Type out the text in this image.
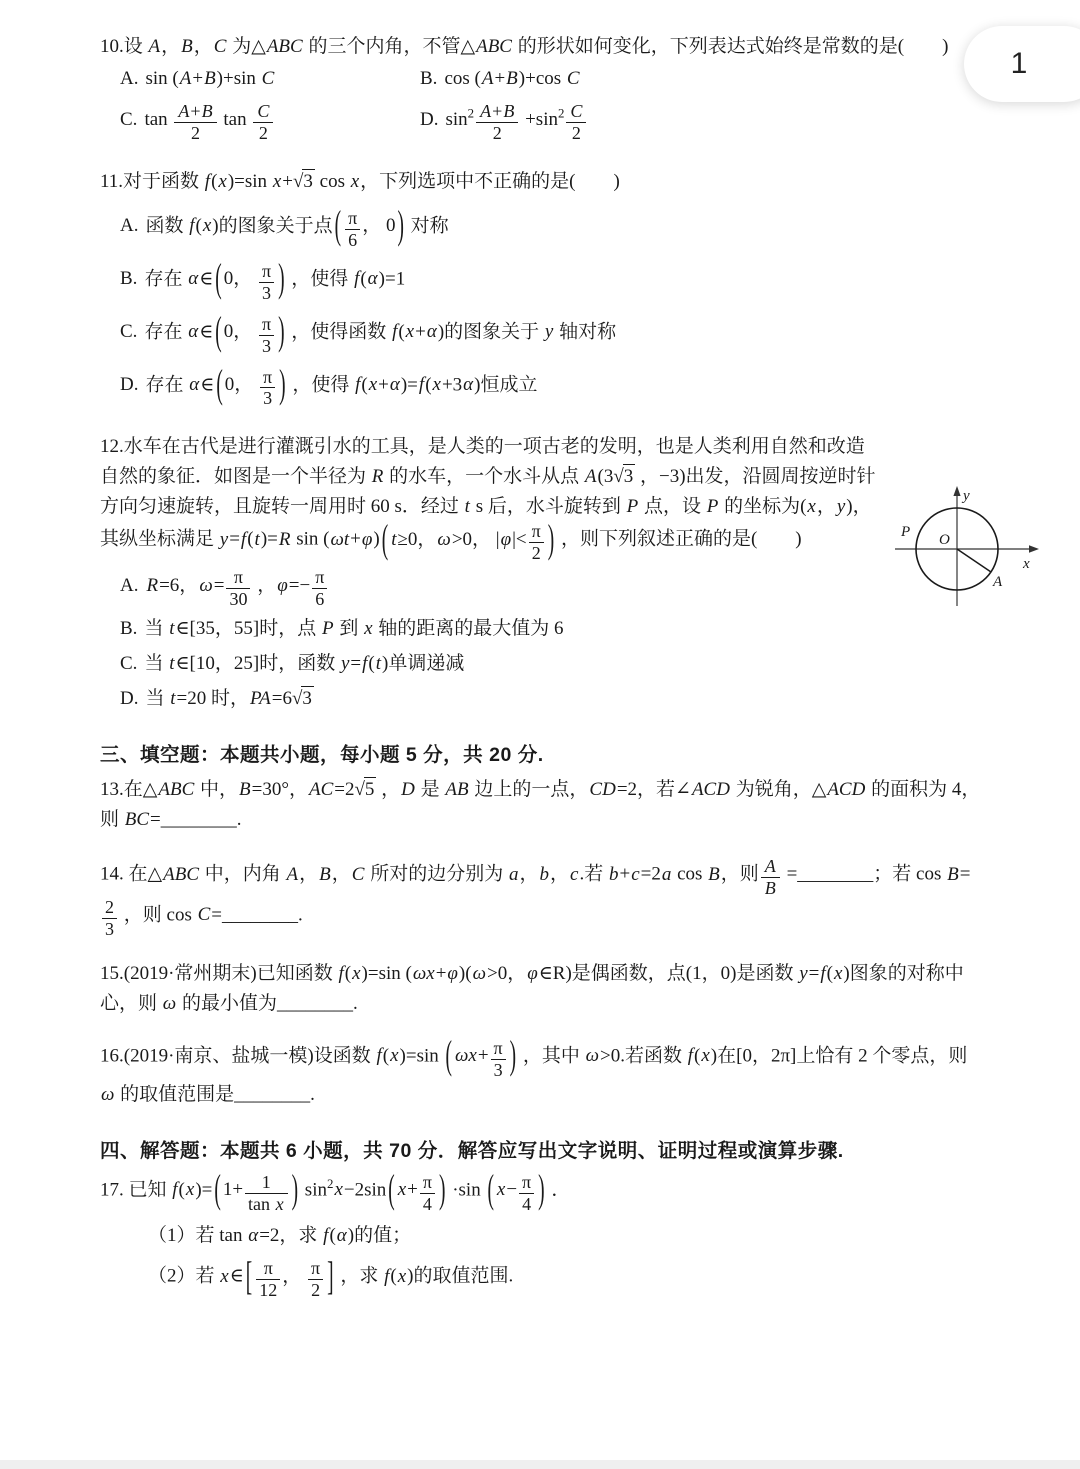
10.设 A，B，C 为△ABC 的三个内角，不管△ABC 的形状如何变化，下列表达式始终是常数的是(　　)
A. sin (A+B)+sin C	B. cos (A+B)+cos C
C. $\tan \frac{A+B}{2}$ $\tan \frac{C}{2}$	D. $\sin^2 \frac{A+B}{2} +\sin^2 \frac{C}{2}$
11.对于函数 f(x)=sin x+√3 cos x，下列选项中不正确的是(　　)
A. 函数 f(x)的图象关于点 ( $\frac{\pi}{6}$ ， 0 ) 对称
B. 存在 α∈ ( 0， $\frac{\pi}{3}$ ) ，使得 f(α)=1
C. 存在 α∈ ( 0， $\frac{\pi}{3}$ ) ，使得函数 f(x+α)的图象关于 y 轴对称
D. 存在 α∈ ( 0， $\frac{\pi}{3}$ ) ，使得 f(x+α)=f(x+3α)恒成立
y
x
O
P
A
12.水车在古代是进行灌溉引水的工具，是人类的一项古老的发明，也是人类利用自然和改造自然的象征．如图是一个半径为 R 的水车，一个水斗从点 A(3√3 ，−3)出发，沿圆周按逆时针方向匀速旋转，且旋转一周用时 60 s．经过 t s 后，水斗旋转到 P 点，设 P 的坐标为(x，y)，其纵坐标满足 y=f(t)=R sin (ωt+φ) ( t≥0，ω>0， $|\varphi|< \frac{\pi}{2}$ ) ，则下列叙述正确的是(　　)
A. R=6，$\omega= \frac{\pi}{30}$ ，$\varphi=- \frac{\pi}{6}$
B. 当 t∈[35，55]时，点 P 到 x 轴的距离的最大值为 6
C. 当 t∈[10，25]时，函数 y=f(t)单调递减
D. 当 t=20 时，PA=6√3
三、填空题：本题共小题，每小题 5 分，共 20 分.
13.在△ABC 中，B=30°，AC=2√5 ，D 是 AB 边上的一点，CD=2，若∠ACD 为锐角，△ACD 的面积为 4，则 BC=________.
14. 在△ABC 中，内角 A，B，C 所对的边分别为 a，b，c.若 b+c=2a cos B，则 $\frac{A}{B}$ =________；若 cos B=
$\frac{2}{3}$ ，则 cos C=________.
15.(2019·常州期末)已知函数 f(x)=sin (ωx+φ)(ω>0，φ∈R)是偶函数，点(1，0)是函数 y=f(x)图象的对称中心，则 ω 的最小值为________.
16.(2019·南京、盐城一模)设函数 f(x)=sin ( $\omega x+ \frac{\pi}{3}$ ) ，其中 ω>0.若函数 f(x)在[0，2π]上恰有 2 个零点，则 ω 的取值范围是________.
四、解答题：本题共 6 小题，共 70 分．解答应写出文字说明、证明过程或演算步骤.
17. 已知 f(x)= ( $1+ \frac{1}{\text{tan x}}$ ) $\sin^2x-2\sin$ ( $x+ \frac{\pi}{4}$ ) ·sin ( $x- \frac{\pi}{4}$ ) ．
（1）若 tan α=2，求 f(α)的值；
（2）若 x∈ [ $\frac{\pi}{12}$ ， $\frac{\pi}{2}$ ] ，求 f(x)的取值范围.
1
